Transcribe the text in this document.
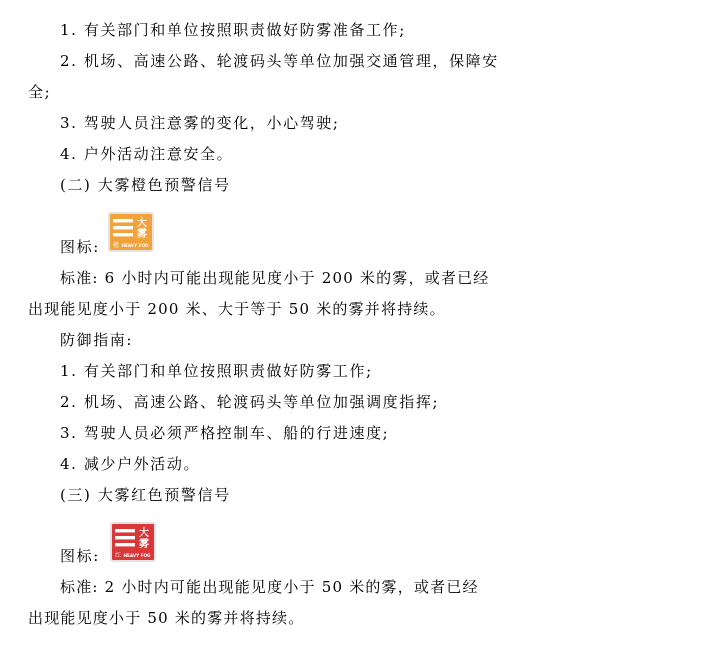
1. 有关部门和单位按照职责做好防雾准备工作;
2. 机场、高速公路、轮渡码头等单位加强交通管理，保障安
全;
3. 驾驶人员注意雾的变化，小心驾驶;
4. 户外活动注意安全。
(二) 大雾橙色预警信号
大
雾
橙 HEAVY FOG
图标:
标准: 6 小时内可能出现能见度小于 200 米的雾，或者已经
出现能见度小于 200 米、大于等于 50 米的雾并将持续。
防御指南:
1. 有关部门和单位按照职责做好防雾工作;
2. 机场、高速公路、轮渡码头等单位加强调度指挥;
3. 驾驶人员必须严格控制车、船的行进速度;
4. 减少户外活动。
(三) 大雾红色预警信号
大
雾
红 HEAVY FOG
图标:
标准: 2 小时内可能出现能见度小于 50 米的雾，或者已经
出现能见度小于 50 米的雾并将持续。
